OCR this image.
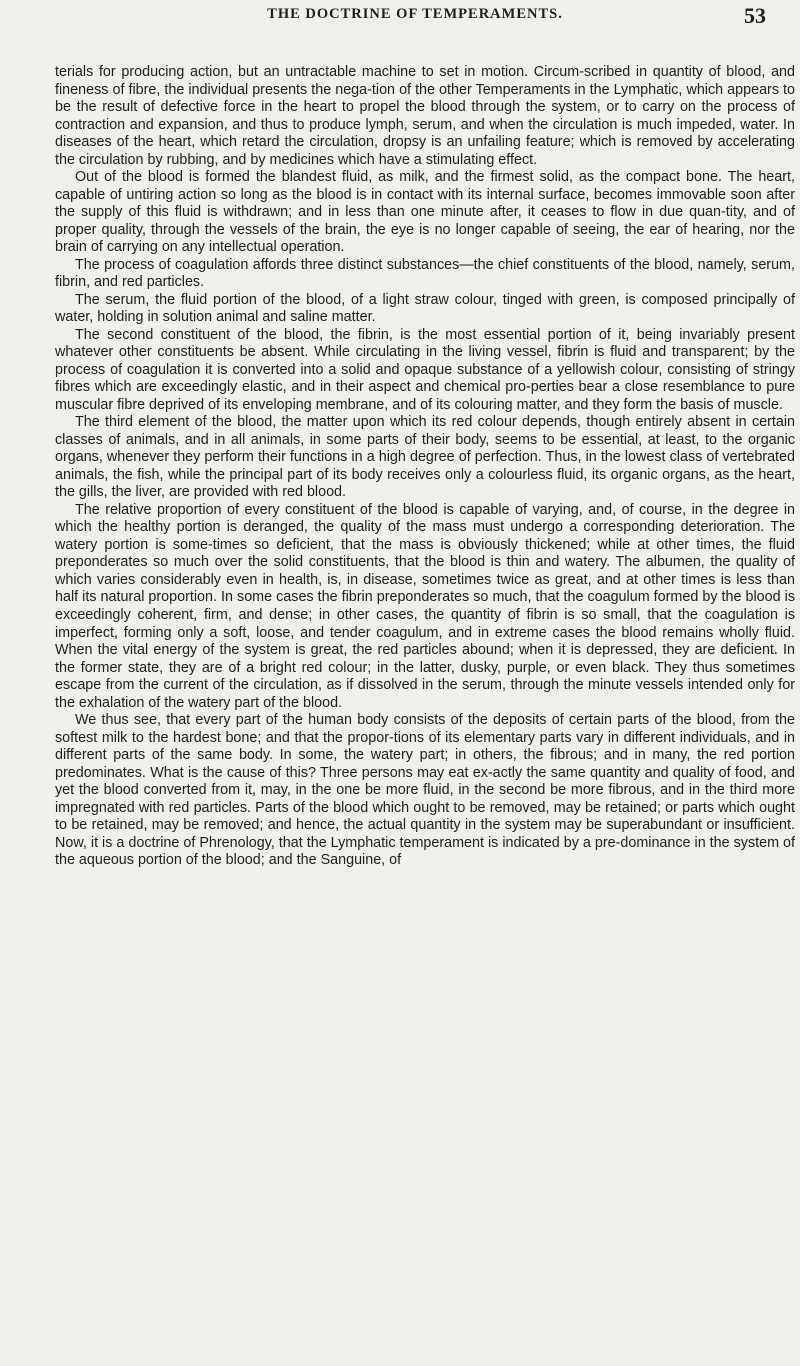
THE DOCTRINE OF TEMPERAMENTS.	53

terials for producing action, but an untractable machine to set in motion. Circum-scribed in quantity of blood, and fineness of fibre, the individual presents the nega-tion of the other Temperaments in the Lymphatic, which appears to be the result of defective force in the heart to propel the blood through the system, or to carry on the process of contraction and expansion, and thus to produce lymph, serum, and when the circulation is much impeded, water. In diseases of the heart, which retard the circulation, dropsy is an unfailing feature; which is removed by accelerating the circulation by rubbing, and by medicines which have a stimulating effect.

Out of the blood is formed the blandest fluid, as milk, and the firmest solid, as the compact bone. The heart, capable of untiring action so long as the blood is in contact with its internal surface, becomes immovable soon after the supply of this fluid is withdrawn; and in less than one minute after, it ceases to flow in due quan-tity, and of proper quality, through the vessels of the brain, the eye is no longer capable of seeing, the ear of hearing, nor the brain of carrying on any intellectual operation.

The process of coagulation affords three distinct substances—the chief constituents of the blood, namely, serum, fibrin, and red particles.

The serum, the fluid portion of the blood, of a light straw colour, tinged with green, is composed principally of water, holding in solution animal and saline matter.

The second constituent of the blood, the fibrin, is the most essential portion of it, being invariably present whatever other constituents be absent. While circulating in the living vessel, fibrin is fluid and transparent; by the process of coagulation it is converted into a solid and opaque substance of a yellowish colour, consisting of stringy fibres which are exceedingly elastic, and in their aspect and chemical pro-perties bear a close resemblance to pure muscular fibre deprived of its enveloping membrane, and of its colouring matter, and they form the basis of muscle.

The third element of the blood, the matter upon which its red colour depends, though entirely absent in certain classes of animals, and in all animals, in some parts of their body, seems to be essential, at least, to the organic organs, whenever they perform their functions in a high degree of perfection. Thus, in the lowest class of vertebrated animals, the fish, while the principal part of its body receives only a colourless fluid, its organic organs, as the heart, the gills, the liver, are provided with red blood.

The relative proportion of every constituent of the blood is capable of varying, and, of course, in the degree in which the healthy portion is deranged, the quality of the mass must undergo a corresponding deterioration. The watery portion is some-times so deficient, that the mass is obviously thickened; while at other times, the fluid preponderates so much over the solid constituents, that the blood is thin and watery. The albumen, the quality of which varies considerably even in health, is, in disease, sometimes twice as great, and at other times is less than half its natural proportion. In some cases the fibrin preponderates so much, that the coagulum formed by the blood is exceedingly coherent, firm, and dense; in other cases, the quantity of fibrin is so small, that the coagulation is imperfect, forming only a soft, loose, and tender coagulum, and in extreme cases the blood remains wholly fluid. When the vital energy of the system is great, the red particles abound; when it is depressed, they are deficient. In the former state, they are of a bright red colour; in the latter, dusky, purple, or even black. They thus sometimes escape from the current of the circulation, as if dissolved in the serum, through the minute vessels intended only for the exhalation of the watery part of the blood.

We thus see, that every part of the human body consists of the deposits of certain parts of the blood, from the softest milk to the hardest bone; and that the propor-tions of its elementary parts vary in different individuals, and in different parts of the same body. In some, the watery part; in others, the fibrous; and in many, the red portion predominates. What is the cause of this? Three persons may eat ex-actly the same quantity and quality of food, and yet the blood converted from it, may, in the one be more fluid, in the second be more fibrous, and in the third more impregnated with red particles. Parts of the blood which ought to be removed, may be retained; or parts which ought to be retained, may be removed; and hence, the actual quantity in the system may be superabundant or insufficient. Now, it is a doctrine of Phrenology, that the Lymphatic temperament is indicated by a pre-dominance in the system of the aqueous portion of the blood; and the Sanguine, of
